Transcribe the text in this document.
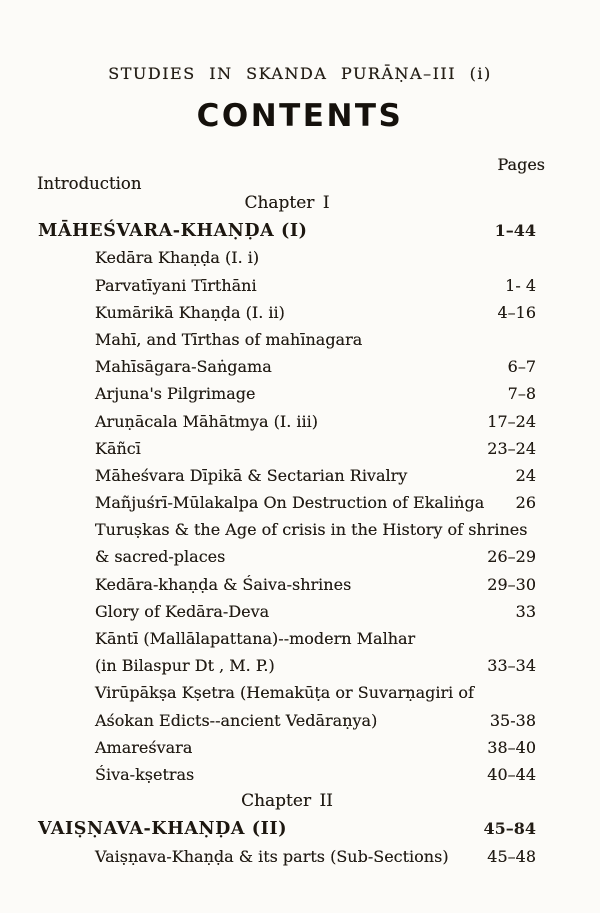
STUDIES IN SKANDA PURĀṆA–III (i)
CONTENTS
Pages
Introduction
Chapter I
MĀHEŚVARA-KHAṆḌA (I)	1–44
Kedāra Khaṇḍa (I. i)
Parvatīyani Tīrthāni	1- 4
Kumārikā Khaṇḍa (I. ii)	4–16
Mahī, and Tīrthas of mahīnagara
Mahīsāgara-Saṅgama	6–7
Arjuna's Pilgrimage	7–8
Aruṇācala Māhātmya (I. iii)	17–24
Kāñcī	23–24
Māheśvara Dīpikā & Sectarian Rivalry	24
Mañjuśrī-Mūlakalpa On Destruction of Ekaliṅga 26
Turuṣkas & the Age of crisis in the History of shrines
& sacred-places	26–29
Kedāra-khaṇḍa & Śaiva-shrines	29–30
Glory of Kedāra-Deva	33
Kāntī (Mallālapattana)--modern Malhar
(in Bilaspur Dt , M. P.)	33–34
Virūpākṣa Kṣetra (Hemakūṭa or Suvarṇagiri of
Aśokan Edicts--ancient Vedāraṇya)	35-38
Amareśvara	38–40
Śiva-kṣetras	40–44
Chapter II
VAIṢṆAVA-KHAṆḌA (II)	45–84
Vaiṣṇava-Khaṇḍa & its parts (Sub-Sections) 45–48
